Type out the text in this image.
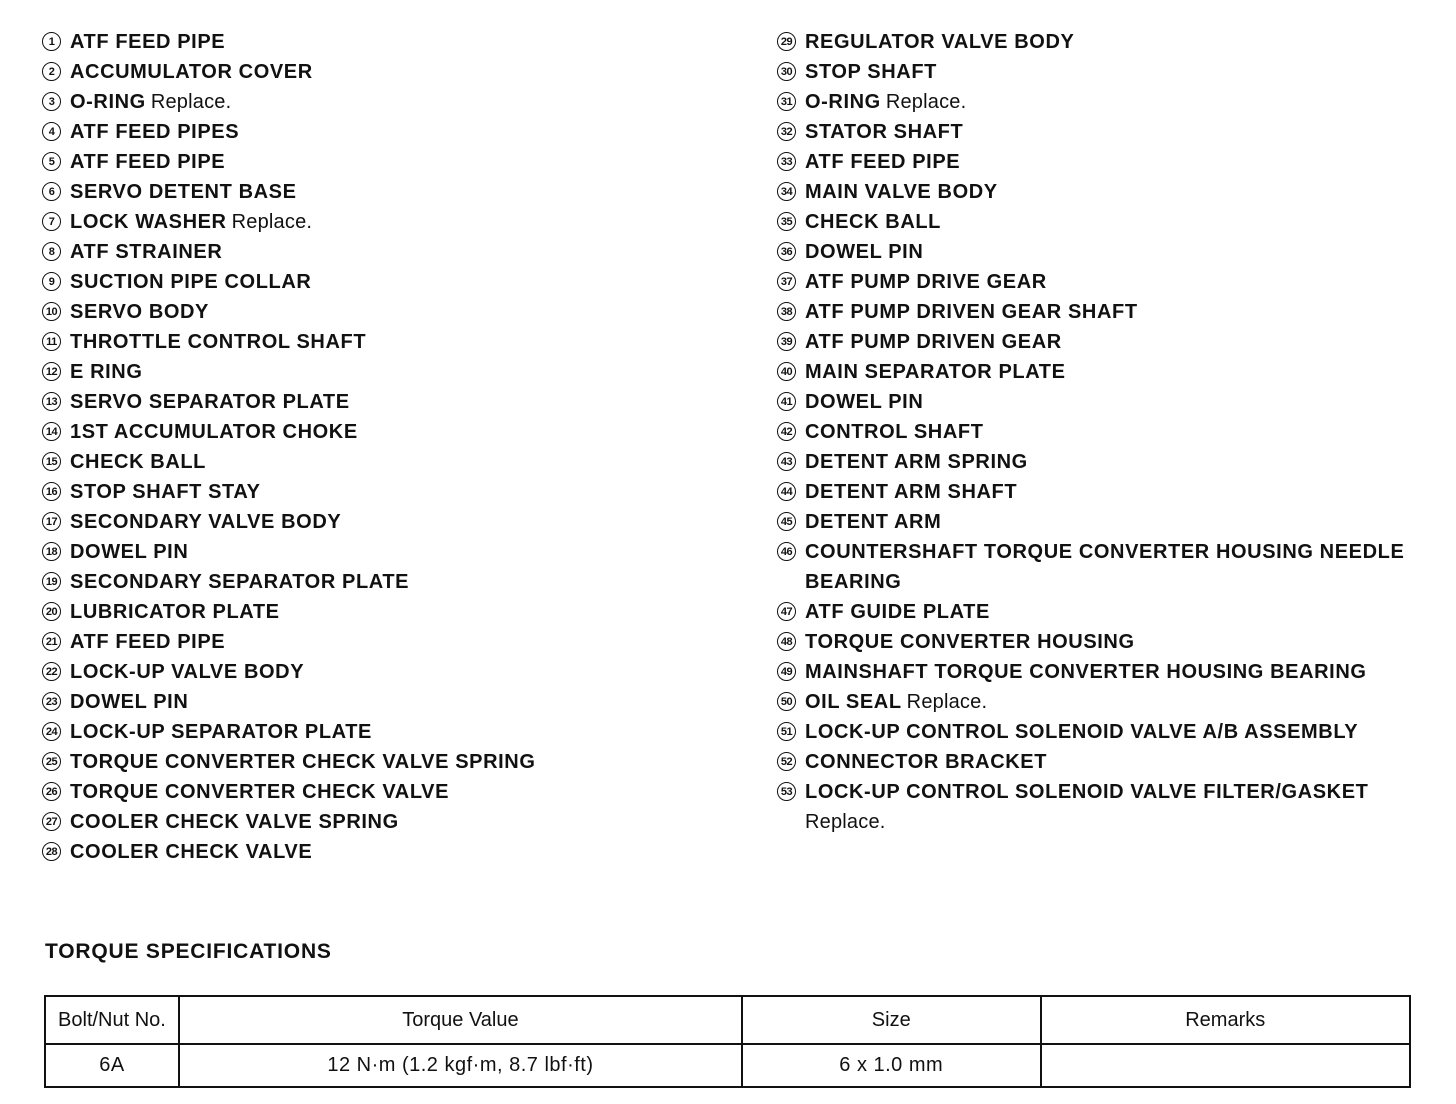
1 ATF FEED PIPE
2 ACCUMULATOR COVER
3 O-RING Replace.
4 ATF FEED PIPES
5 ATF FEED PIPE
6 SERVO DETENT BASE
7 LOCK WASHER Replace.
8 ATF STRAINER
9 SUCTION PIPE COLLAR
10 SERVO BODY
11 THROTTLE CONTROL SHAFT
12 E RING
13 SERVO SEPARATOR PLATE
14 1ST ACCUMULATOR CHOKE
15 CHECK BALL
16 STOP SHAFT STAY
17 SECONDARY VALVE BODY
18 DOWEL PIN
19 SECONDARY SEPARATOR PLATE
20 LUBRICATOR PLATE
21 ATF FEED PIPE
22 LOCK-UP VALVE BODY
23 DOWEL PIN
24 LOCK-UP SEPARATOR PLATE
25 TORQUE CONVERTER CHECK VALVE SPRING
26 TORQUE CONVERTER CHECK VALVE
27 COOLER CHECK VALVE SPRING
28 COOLER CHECK VALVE
29 REGULATOR VALVE BODY
30 STOP SHAFT
31 O-RING Replace.
32 STATOR SHAFT
33 ATF FEED PIPE
34 MAIN VALVE BODY
35 CHECK BALL
36 DOWEL PIN
37 ATF PUMP DRIVE GEAR
38 ATF PUMP DRIVEN GEAR SHAFT
39 ATF PUMP DRIVEN GEAR
40 MAIN SEPARATOR PLATE
41 DOWEL PIN
42 CONTROL SHAFT
43 DETENT ARM SPRING
44 DETENT ARM SHAFT
45 DETENT ARM
46 COUNTERSHAFT TORQUE CONVERTER HOUSING NEEDLE BEARING
47 ATF GUIDE PLATE
48 TORQUE CONVERTER HOUSING
49 MAINSHAFT TORQUE CONVERTER HOUSING BEARING
50 OIL SEAL Replace.
51 LOCK-UP CONTROL SOLENOID VALVE A/B ASSEMBLY
52 CONNECTOR BRACKET
53 LOCK-UP CONTROL SOLENOID VALVE FILTER/GASKET
Replace.
TORQUE SPECIFICATIONS
Bolt/Nut No.	Torque Value	Size	Remarks
6A	12 N·m (1.2 kgf·m, 8.7 lbf·ft)	6 x 1.0 mm	
